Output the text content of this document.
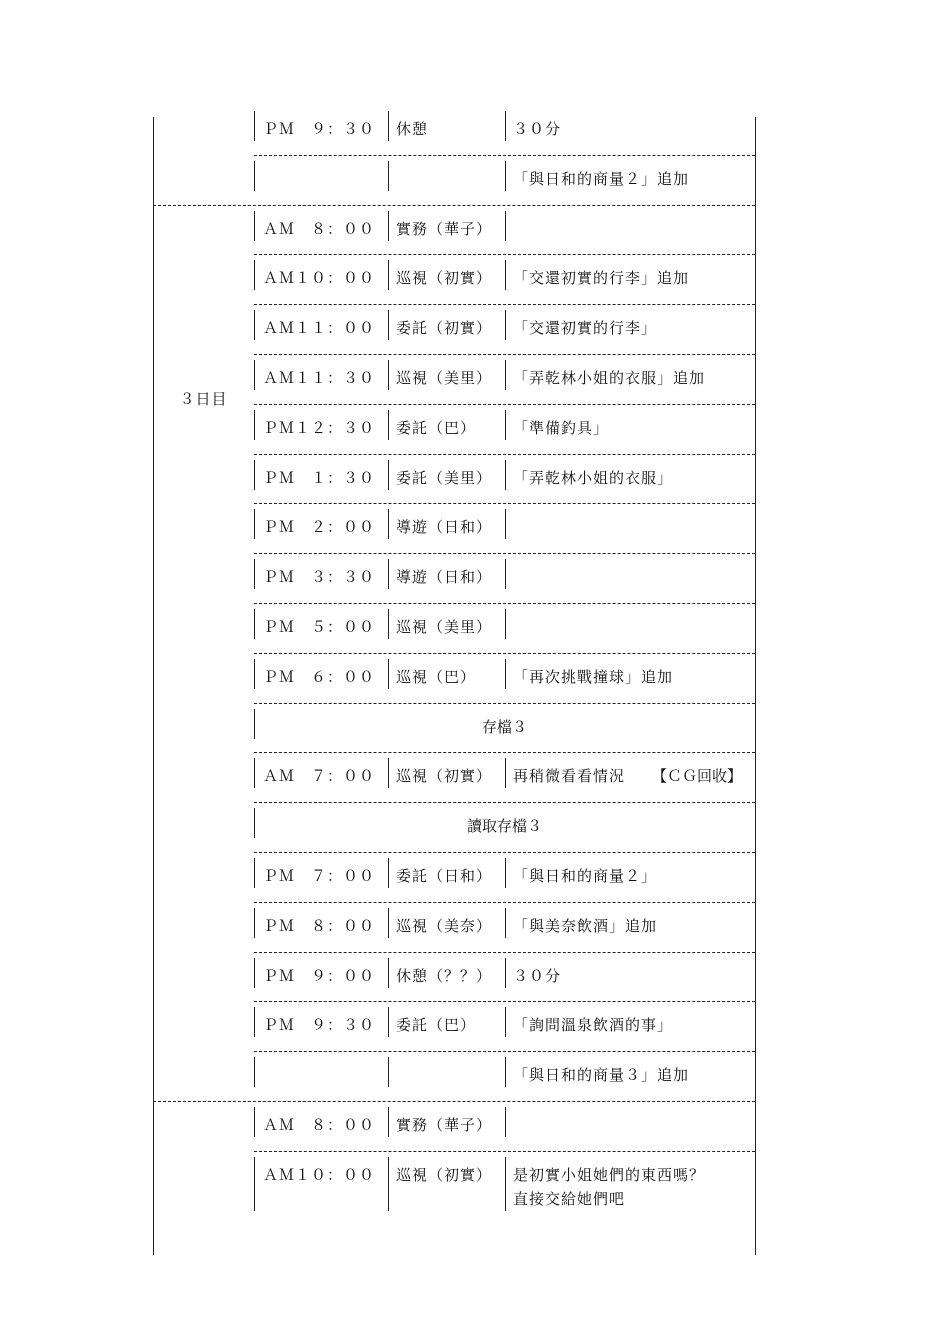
ＰＭ　９：３０ 休憩	３０分
「與日和的商量２」追加
ＡＭ　８：００ 實務（華子）
ＡＭ１０：００ 巡視（初實） 「交還初實的行李」追加
ＡＭ１１：００ 委託（初實） 「交還初實的行李」
ＡＭ１１：３０ 巡視（美里） 「弄乾林小姐的衣服」追加
ＰＭ１２：３０ 委託（巴） 「準備釣具」
ＰＭ　１：３０ 委託（美里） 「弄乾林小姐的衣服」
ＰＭ　２：００ 導遊（日和）
ＰＭ　３：３０ 導遊（日和）
ＰＭ　５：００ 巡視（美里）
ＰＭ　６：００ 巡視（巴） 「再次挑戰撞球」追加
存檔３
ＡＭ　７：００ 巡視（初實） 再稍微看看情況 【ＣＧ回收】
讀取存檔３
ＰＭ　７：００ 委託（日和） 「與日和的商量２」
ＰＭ　８：００ 巡視（美奈） 「與美奈飲酒」追加
ＰＭ　９：００ 休憩（？？） ３０分
ＰＭ　９：３０ 委託（巴） 「詢問溫泉飲酒的事」
「與日和的商量３」追加
ＡＭ　８：００ 實務（華子）
ＡＭ１０：００ 巡視（初實） 是初實小姐她們的東西嗎？
直接交給她們吧
３日目
